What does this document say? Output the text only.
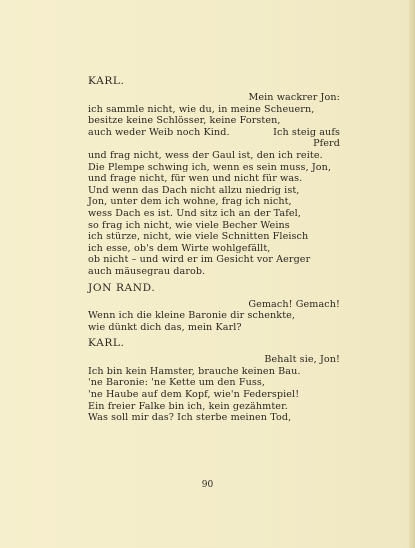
KARL.
Mein wackrer Jon:
ich sammle nicht, wie du, in meine Scheuern,
besitze keine Schlösser, keine Forsten,
auch weder Weib noch Kind.	Ich steig aufs
Pferd
und frag nicht, wess der Gaul ist, den ich reite.
Die Plempe schwing ich, wenn es sein muss, Jon,
und frage nicht, für wen und nicht für was.
Und wenn das Dach nicht allzu niedrig ist,
Jon, unter dem ich wohne, frag ich nicht,
wess Dach es ist. Und sitz ich an der Tafel,
so frag ich nicht, wie viele Becher Weins
ich stürze, nicht, wie viele Schnitten Fleisch
ich esse, ob's dem Wirte wohlgefällt,
ob nicht – und wird er im Gesicht vor Aerger
auch mäusegrau darob.
JON RAND.
Gemach! Gemach!
Wenn ich die kleine Baronie dir schenkte,
wie dünkt dich das, mein Karl?
KARL.
Behalt sie, Jon!
Ich bin kein Hamster, brauche keinen Bau.
'ne Baronie: 'ne Kette um den Fuss,
'ne Haube auf dem Kopf, wie'n Federspiel!
Ein freier Falke bin ich, kein gezähmter.
Was soll mir das? Ich sterbe meinen Tod,
90
